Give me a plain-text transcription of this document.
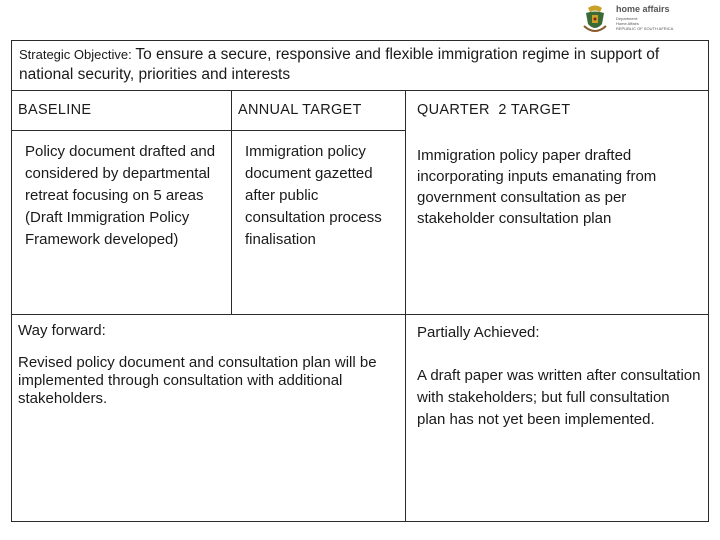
home affairs
Department:
Home Affairs
REPUBLIC OF SOUTH AFRICA
Strategic Objective: To ensure a secure, responsive and flexible immigration regime in support of national security, priorities and interests
BASELINE	ANNUAL TARGET	QUARTER  2 TARGET
Policy document drafted and considered by departmental retreat focusing on 5 areas (Draft Immigration Policy Framework developed)
Immigration policy document gazetted after public consultation process finalisation
Immigration policy paper drafted incorporating inputs emanating from government consultation as per stakeholder consultation plan
Way forward:
Revised policy document and consultation plan will be implemented through consultation with additional stakeholders.
Partially Achieved:
A draft paper was written after consultation with stakeholders; but full consultation plan has not yet been implemented.
